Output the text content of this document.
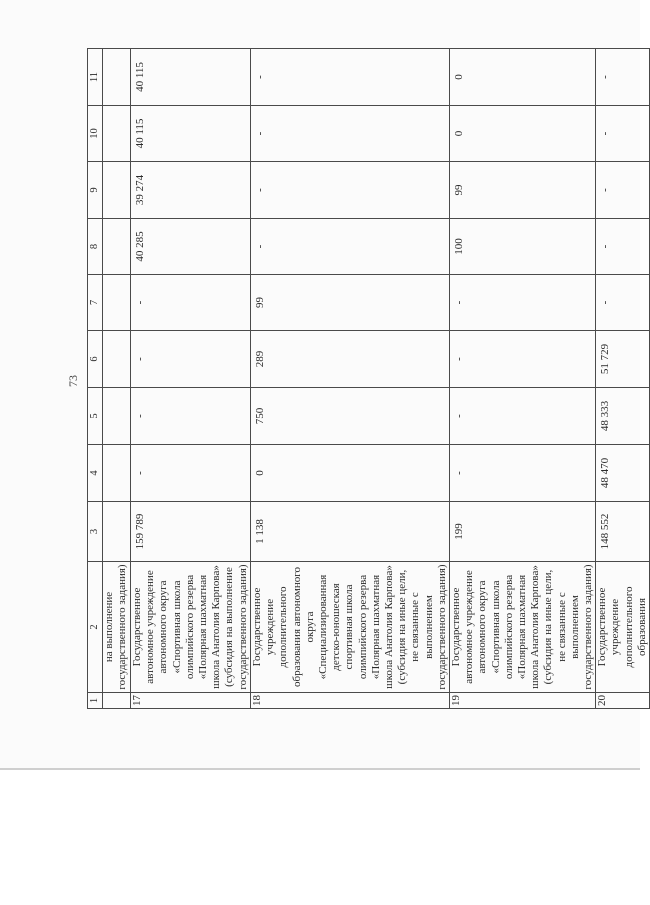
73
1	2	3	4	5	6	7	8	9	10	11
	на выполнение государственного задания)									
17	Государственное автономное учреждение автономного округа «Спортивная школа олимпийского резерва «Полярная шахматная школа Анатолия Карпова» (субсидия на выполнение государственного задания)	159 789	-	-	-	-	40 285	39 274	40 115	40 115
18	Государственное учреждение дополнительного образования автономного округа «Специализированная детско-юношеская спортивная школа олимпийского резерва «Полярная шахматная школа Анатолия Карпова» (субсидия на иные цели, не связанные с выполнением государственного задания)	1 138	0	750	289	99	-	-	-	-
19	Государственное автономное учреждение автономного округа «Спортивная школа олимпийского резерва «Полярная шахматная школа Анатолия Карпова» (субсидия на иные цели, не связанные с выполнением государственного задания)	199	-	-	-	-	100	99	0	0
20	Государственное учреждение дополнительного образования	148 552	48 470	48 333	51 729	-	-	-	-	-
